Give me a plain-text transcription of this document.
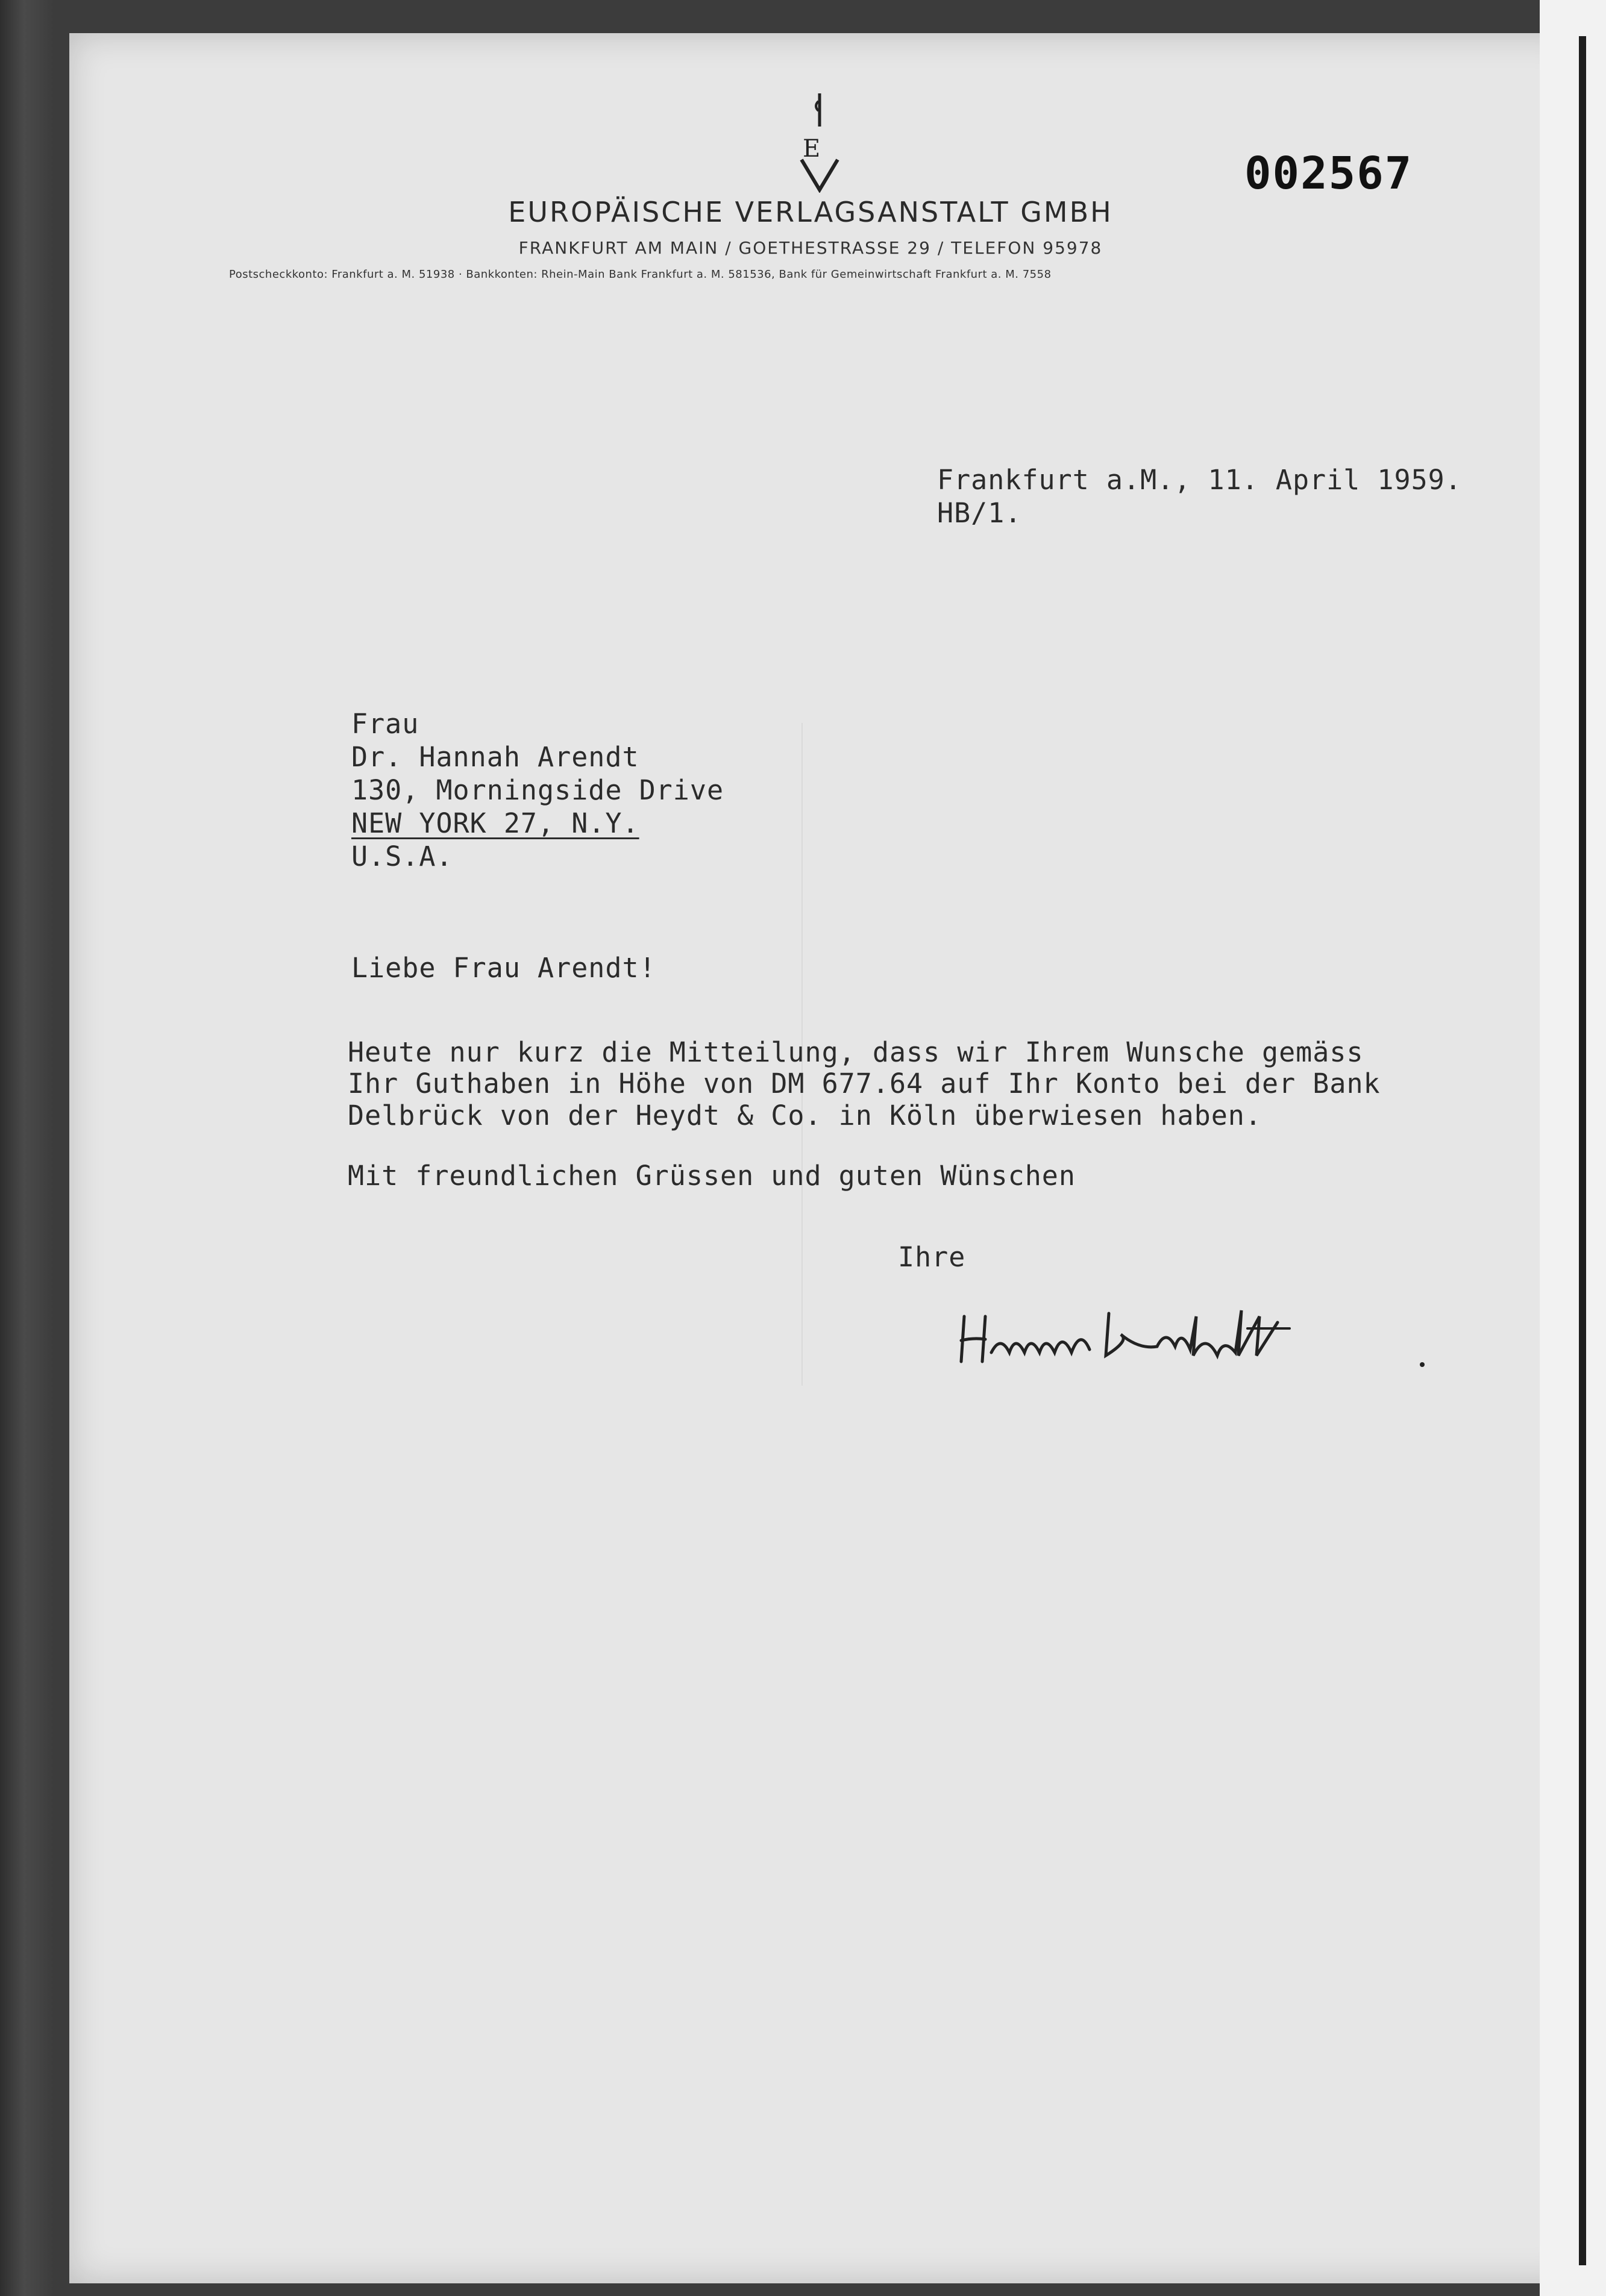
E	002567
EUROPÄISCHE VERLAGSANSTALT GMBH
FRANKFURT AM MAIN / GOETHESTRASSE 29 / TELEFON 95978
Postscheckkonto: Frankfurt a. M. 51938 · Bankkonten: Rhein-Main Bank Frankfurt a. M. 581536, Bank für Gemeinwirtschaft Frankfurt a. M. 7558
Frankfurt a.M., 11. April 1959.
HB/1.
Frau
Dr. Hannah Arendt
130, Morningside Drive
NEW YORK 27, N.Y.
U.S.A.
Liebe Frau Arendt!
Heute nur kurz die Mitteilung, dass wir Ihrem Wunsche gemäss
Ihr Guthaben in Höhe von DM 677.64 auf Ihr Konto bei der Bank
Delbrück von der Heydt & Co. in Köln überwiesen haben.
Mit freundlichen Grüssen und guten Wünschen
Ihre
